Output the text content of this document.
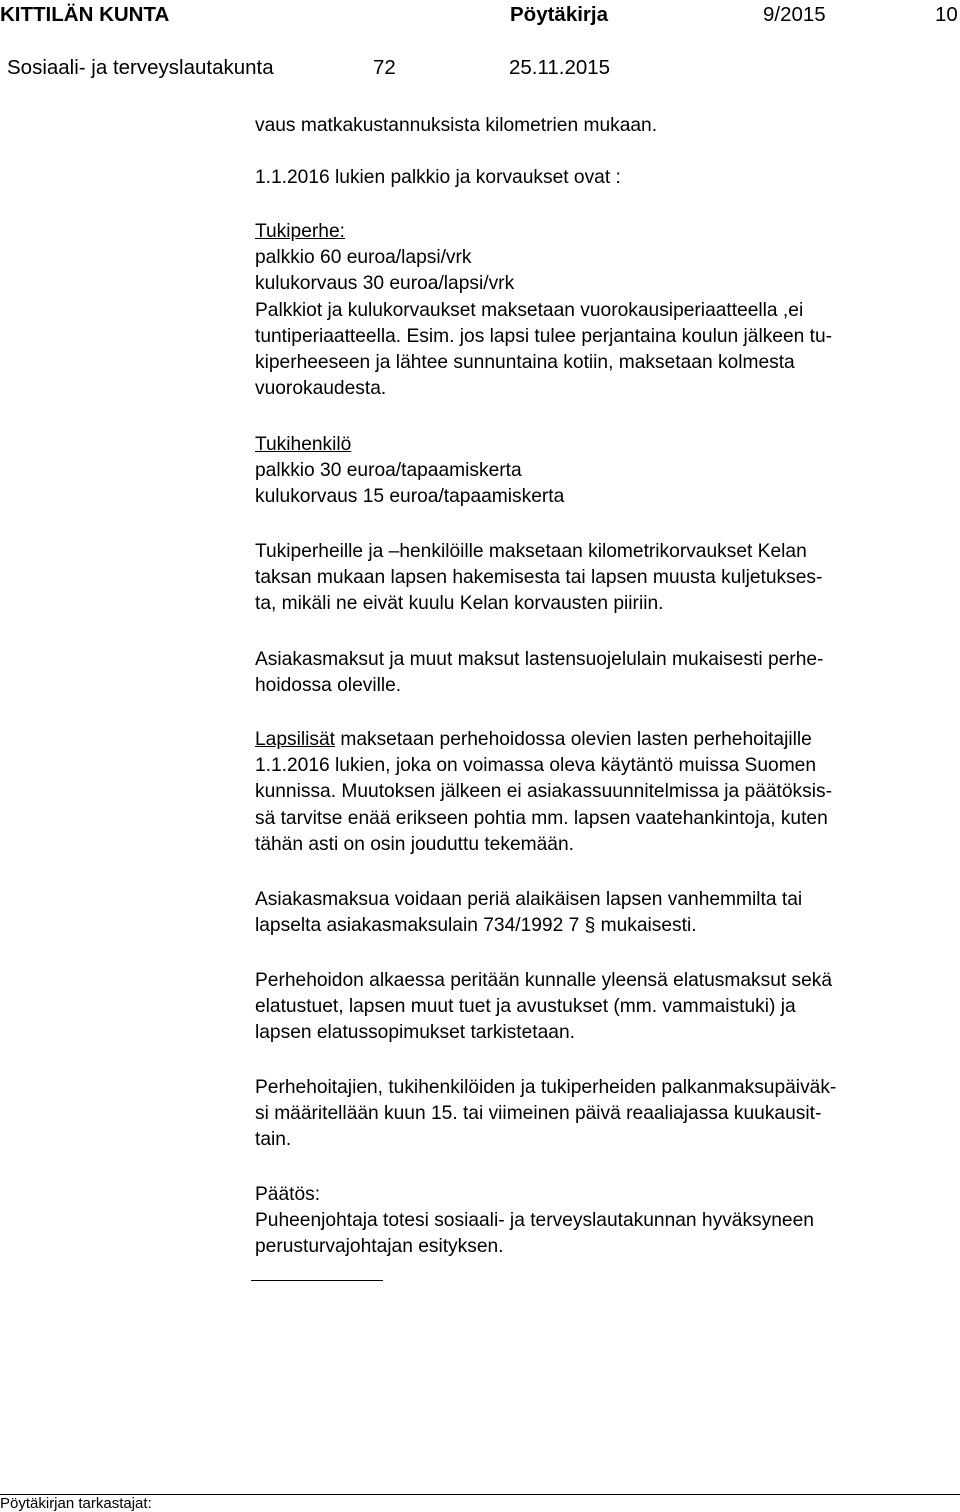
KITTILÄN KUNTA	Pöytäkirja	9/2015	10
Sosiaali- ja terveyslautakunta	72	25.11.2015
vaus matkakustannuksista kilometrien mukaan.
1.1.2016 lukien palkkio ja korvaukset ovat :
Tukiperhe:
palkkio 60 euroa/lapsi/vrk
kulukorvaus 30 euroa/lapsi/vrk
Palkkiot ja kulukorvaukset maksetaan vuorokausiperiaatteella ,ei
tuntiperiaatteella. Esim. jos lapsi tulee perjantaina koulun jälkeen tu-
kiperheeseen ja lähtee sunnuntaina kotiin, maksetaan kolmesta
vuorokaudesta.
Tukihenkilö
palkkio 30 euroa/tapaamiskerta
kulukorvaus 15 euroa/tapaamiskerta
Tukiperheille ja –henkilöille maksetaan kilometrikorvaukset Kelan
taksan mukaan lapsen hakemisesta tai lapsen muusta kuljetukses-
ta, mikäli ne eivät kuulu Kelan korvausten piiriin.
Asiakasmaksut ja muut maksut lastensuojelulain mukaisesti perhe-
hoidossa oleville.
Lapsilisät maksetaan perhehoidossa olevien lasten perhehoitajille
1.1.2016 lukien, joka on voimassa oleva käytäntö muissa Suomen
kunnissa. Muutoksen jälkeen ei asiakassuunnitelmissa ja päätöksis-
sä tarvitse enää erikseen pohtia mm. lapsen vaatehankintoja, kuten
tähän asti on osin jouduttu tekemään.
Asiakasmaksua voidaan periä alaikäisen lapsen vanhemmilta tai
lapselta asiakasmaksulain 734/1992 7 § mukaisesti.
Perhehoidon alkaessa peritään kunnalle yleensä elatusmaksut sekä
elatustuet, lapsen muut tuet ja avustukset (mm. vammaistuki) ja
lapsen elatussopimukset tarkistetaan.
Perhehoitajien, tukihenkilöiden ja tukiperheiden palkanmaksupäiväk-
si määritellään kuun 15. tai viimeinen päivä reaaliajassa kuukausit-
tain.
Päätös:
Puheenjohtaja totesi sosiaali- ja terveyslautakunnan hyväksyneen
perusturvajohtajan esityksen.
Pöytäkirjan tarkastajat:
